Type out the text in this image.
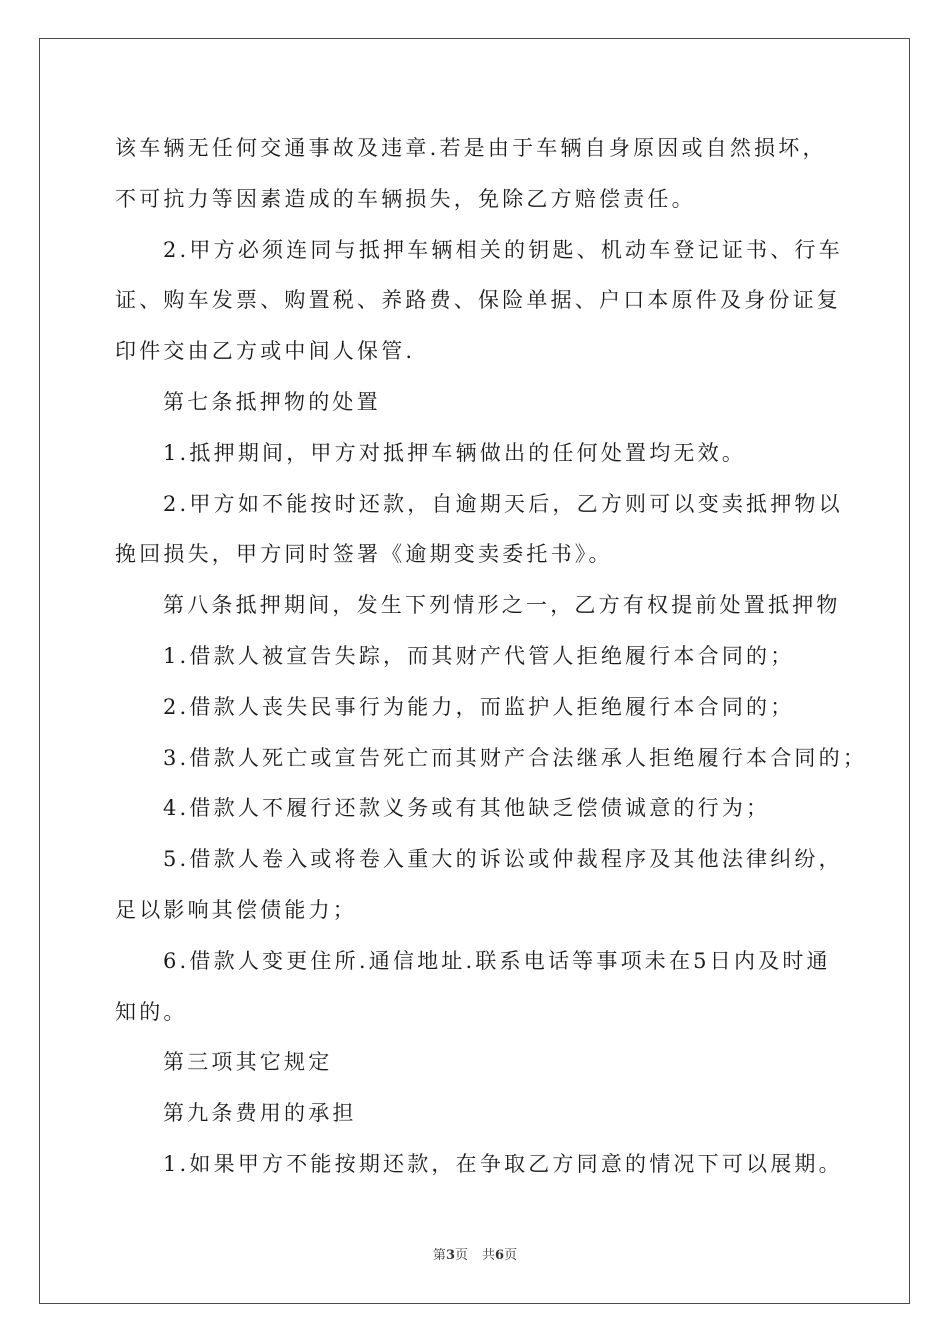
该车辆无任何交通事故及违章.若是由于车辆自身原因或自然损坏，
不可抗力等因素造成的车辆损失，免除乙方赔偿责任。
2.甲方必须连同与抵押车辆相关的钥匙、机动车登记证书、行车
证、购车发票、购置税、养路费、保险单据、户口本原件及身份证复
印件交由乙方或中间人保管.
第七条抵押物的处置
1.抵押期间，甲方对抵押车辆做出的任何处置均无效。
2.甲方如不能按时还款，自逾期天后，乙方则可以变卖抵押物以
挽回损失，甲方同时签署《逾期变卖委托书》。
第八条抵押期间，发生下列情形之一，乙方有权提前处置抵押物
1.借款人被宣告失踪，而其财产代管人拒绝履行本合同的；
2.借款人丧失民事行为能力，而监护人拒绝履行本合同的；
3.借款人死亡或宣告死亡而其财产合法继承人拒绝履行本合同的；
4.借款人不履行还款义务或有其他缺乏偿债诚意的行为；
5.借款人卷入或将卷入重大的诉讼或仲裁程序及其他法律纠纷，
足以影响其偿债能力；
6.借款人变更住所.通信地址.联系电话等事项未在5日内及时通
知的。
第三项其它规定
第九条费用的承担
1.如果甲方不能按期还款，在争取乙方同意的情况下可以展期。
第3页 共6页
